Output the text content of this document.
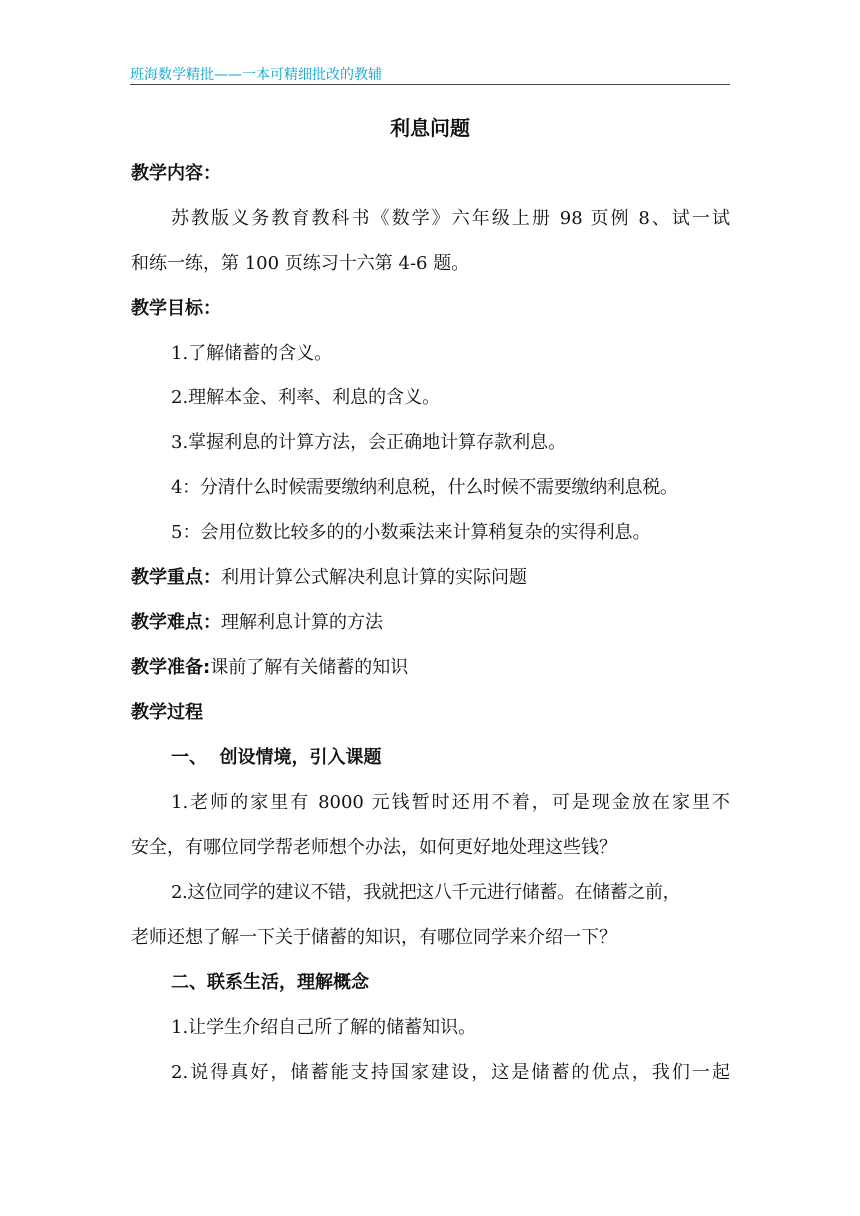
班海数学精批——一本可精细批改的教辅
利息问题
教学内容：
苏教版义务教育教科书《数学》六年级上册 98 页例 8、试一试
和练一练，第 100 页练习十六第 4-6 题。
教学目标：
1.了解储蓄的含义。
2.理解本金、利率、利息的含义。
3.掌握利息的计算方法，会正确地计算存款利息。
4：分清什么时候需要缴纳利息税，什么时候不需要缴纳利息税。
5：会用位数比较多的的小数乘法来计算稍复杂的实得利息。
教学重点：利用计算公式解决利息计算的实际问题
教学难点：理解利息计算的方法
教学准备:课前了解有关储蓄的知识
教学过程
一、  创设情境，引入课题
1.老师的家里有 8000 元钱暂时还用不着，可是现金放在家里不
安全，有哪位同学帮老师想个办法，如何更好地处理这些钱？
2.这位同学的建议不错，我就把这八千元进行储蓄。在储蓄之前，
老师还想了解一下关于储蓄的知识，有哪位同学来介绍一下？
二、联系生活，理解概念
1.让学生介绍自己所了解的储蓄知识。
2.说得真好，储蓄能支持国家建设，这是储蓄的优点，我们一起
